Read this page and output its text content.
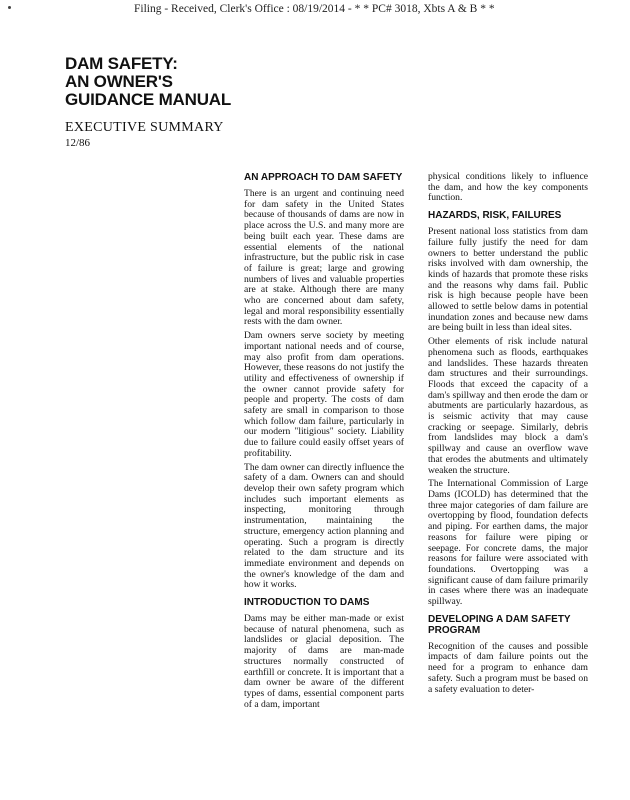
Filing - Received, Clerk's Office : 08/19/2014 - * * PC# 3018, Xbts A & B * *
DAM SAFETY:
AN OWNER'S
GUIDANCE MANUAL
EXECUTIVE SUMMARY
12/86
AN APPROACH TO DAM SAFETY

There is an urgent and continuing need for dam safety in the United States because of thousands of dams are now in place across the U.S. and many more are being built each year. These dams are essential elements of the national infrastructure, but the public risk in case of failure is great; large and growing numbers of lives and valuable properties are at stake. Although there are many who are concerned about dam safety, legal and moral responsibility essentially rests with the dam owner.

Dam owners serve society by meeting important national needs and of course, may also profit from dam operations. However, these reasons do not justify the utility and effectiveness of ownership if the owner cannot provide safety for people and property. The costs of dam safety are small in comparison to those which follow dam failure, particularly in our modern "litigious" society. Liability due to failure could easily offset years of profitability.

The dam owner can directly influence the safety of a dam. Owners can and should develop their own safety program which includes such important elements as inspecting, monitoring through instrumentation, maintaining the structure, emergency action planning and operating. Such a program is directly related to the dam structure and its immediate environment and depends on the owner's knowledge of the dam and how it works.

INTRODUCTION TO DAMS

Dams may be either man-made or exist because of natural phenomena, such as landslides or glacial deposition. The majority of dams are man-made structures normally constructed of earthfill or concrete. It is important that a dam owner be aware of the different types of dams, essential component parts of a dam, important

physical conditions likely to influence the dam, and how the key components function.

HAZARDS, RISK, FAILURES

Present national loss statistics from dam failure fully justify the need for dam owners to better understand the public risks involved with dam ownership, the kinds of hazards that promote these risks and the reasons why dams fail. Public risk is high because people have been allowed to settle below dams in potential inundation zones and because new dams are being built in less than ideal sites.

Other elements of risk include natural phenomena such as floods, earthquakes and landslides. These hazards threaten dam structures and their surroundings. Floods that exceed the capacity of a dam's spillway and then erode the dam or abutments are particularly hazardous, as is seismic activity that may cause cracking or seepage. Similarly, debris from landslides may block a dam's spillway and cause an overflow wave that erodes the abutments and ultimately weaken the structure.

The International Commission of Large Dams (ICOLD) has determined that the three major categories of dam failure are overtopping by flood, foundation defects and piping. For earthen dams, the major reasons for failure were piping or seepage. For concrete dams, the major reasons for failure were associated with foundations. Overtopping was a significant cause of dam failure primarily in cases where there was an inadequate spillway.

DEVELOPING A DAM SAFETY PROGRAM

Recognition of the causes and possible impacts of dam failure points out the need for a program to enhance dam safety. Such a program must be based on a safety evaluation to deter-
